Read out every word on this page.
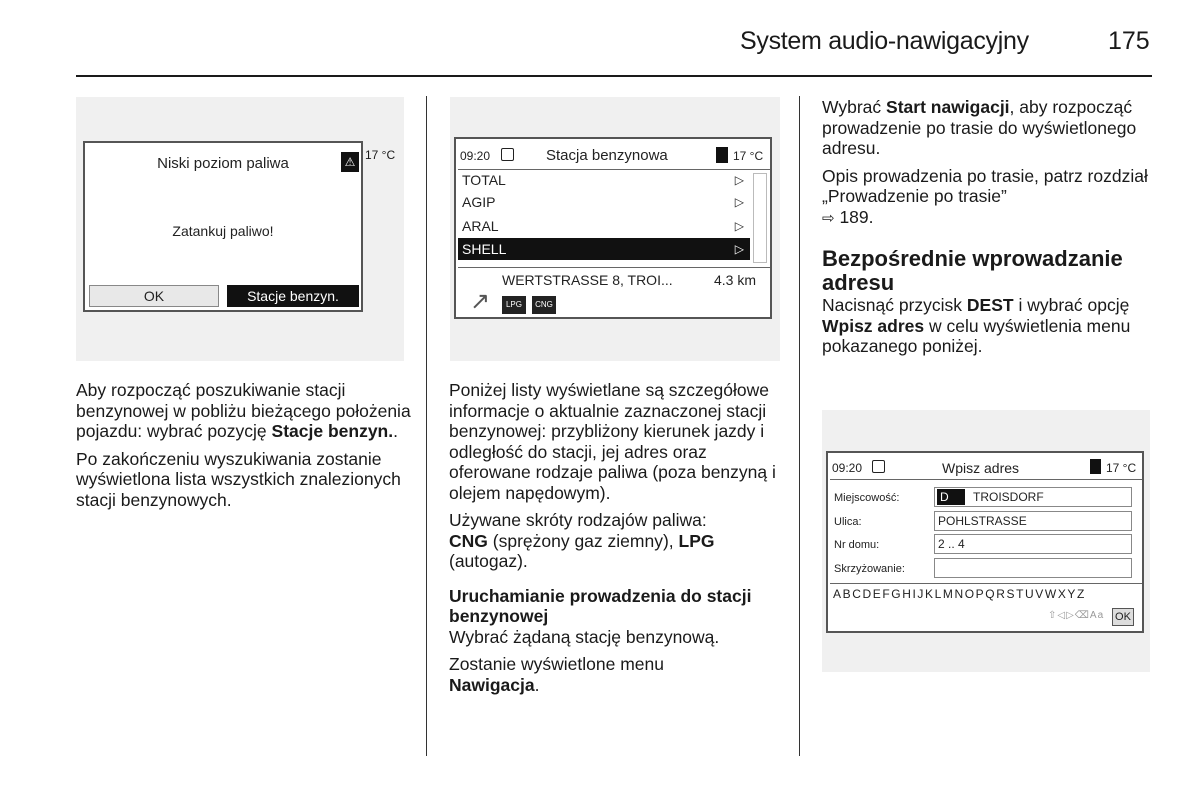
System audio-nawigacyjny	175
Niski poziom paliwa	⚠
Zatankuj paliwo!
OK	Stacje benzyn.
17 °C

Aby rozpocząć poszukiwanie stacji benzynowej w pobliżu bieżącego położenia pojazdu: wybrać pozycję Stacje benzyn..

Po zakończeniu wyszukiwania zostanie wyświetlona lista wszystkich znalezionych stacji benzynowych.

09:20	Stacja benzynowa	17 °C
TOTAL	▷
AGIP	▷
ARAL	▷
SHELL	▷
WERTSTRASSE 8, TROI...	4.3 km
↗	LPG	CNG

Poniżej listy wyświetlane są szczegółowe informacje o aktualnie zaznaczonej stacji benzynowej: przybliżony kierunek jazdy i odległość do stacji, jej adres oraz oferowane rodzaje paliwa (poza benzyną i olejem napędowym).

Używane skróty rodzajów paliwa:
CNG (sprężony gaz ziemny), LPG
(autogaz).

Uruchamianie prowadzenia do stacji benzynowej

Wybrać żądaną stację benzynową.

Zostanie wyświetlone menu
Nawigacja.

Wybrać Start nawigacji, aby rozpocząć prowadzenie po trasie do wyświetlonego adresu.

Opis prowadzenia po trasie, patrz rozdział „Prowadzenie po trasie”
⇨ 189.

Bezpośrednie wprowadzanie adresu

Nacisnąć przycisk DEST i wybrać opcję Wpisz adres w celu wyświetlenia menu pokazanego poniżej.

09:20	Wpisz adres	17 °C
Miejscowość:	D TROISDORF
Ulica:	POHLSTRASSE
Nr domu:	2 .. 4
Skrzyżowanie:
ABCDEFGHIJKLMNOPQRSTUVWXYZ
⇧◁▷⌫Aa OK
